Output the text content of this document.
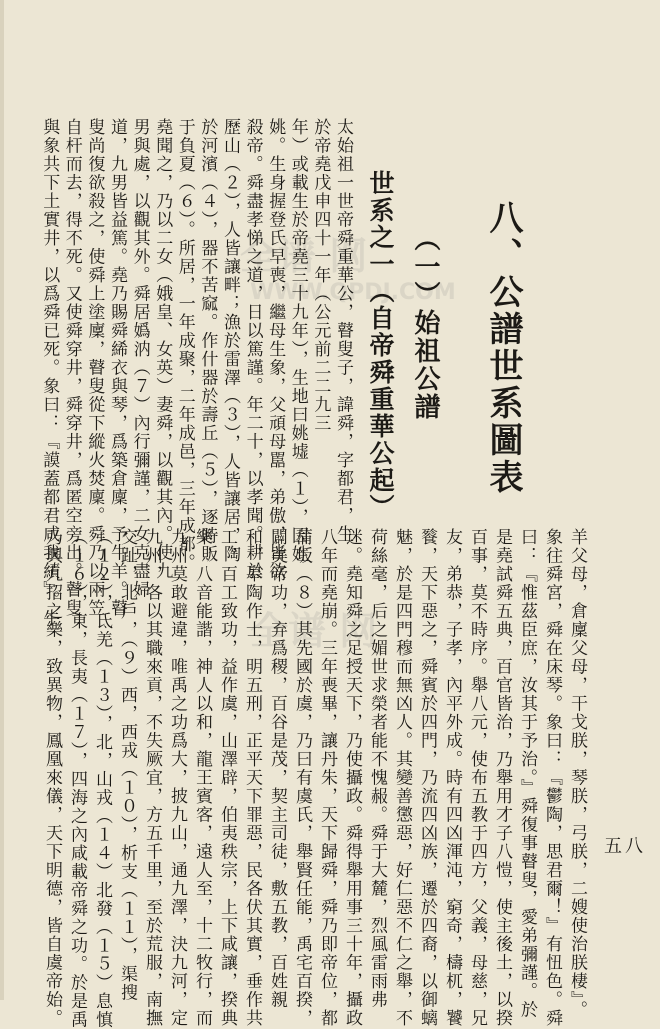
全谱 网
WWW.QPDJ.COM
全谱 网
八、公譜世系圖表
（一）始祖公譜
世系之一（自帝舜重華公起）
五八
太始祖一世帝舜重華公，瞽叟子，諱舜，字都君，生
於帝堯戊申四十一年（公元前二二九三
年）或載生於帝堯三十九年），生地曰姚墟（１），因姓
姚。生身握登氏早喪，繼母生象，父頑母嚚，弟傲，皆欲
殺帝。舜盡孝悌之道，日以篤謹。年二十，以孝聞。耕於
歷山（２），人皆讓畔；漁於雷澤（３），人皆讓居，陶
於河濱（４），器不苦窳。作什器於壽丘（５），逐時販
于負夏（６）。所居，一年成聚，二年成邑，三年成都。
堯聞之，乃以二女（娥皇、女英）妻舜，以觀其內。使九
男與處，以觀其外。舜居嬀汭（７）內行彌謹，二女克盡婦
道，九男皆益篤。堯乃賜舜絺衣與琴，爲築倉廩，予牛羊。瞽
叟尚復欲殺之，使舜上塗廩，瞽叟從下縱火焚廩。舜乃以兩笠
自杆而去，得不死。又使舜穿井，舜穿井，爲匿空旁出。瞽叟
與象共下土實井，以爲舜已死。象曰：『謨蓋都君咸我績』。牛
羊父母，倉廩父母，干戈朕，琴朕，弓朕，二嫂使治朕棲』。
象往舜宮，舜在床琴。象曰：『鬱陶，思君爾！』有忸色。舜
曰：『惟茲臣庶，汝其于予治。』舜復事瞽叟，愛弟彌謹。於
是堯試舜五典，百官皆治，乃舉用才子八愷，使主後土，以揆
百事，莫不時序。舉八元，使布五教于四方，父義，母慈，兄
友，弟恭，子孝，內平外成。時有四凶渾沌，窮奇，檮杌，饕
餮，天下惡之，舜賓於四門，乃流四凶族，遷於四裔，以御螭
魅，於是四門穆而無凶人。其變善懲惡，好仁惡不仁之舉，不
荷絲毫，后之媚世求榮者能不愧赧。舜于大麓，烈風雷雨弗
迷。堯知舜之足授天下，乃使攝政。舜得舉用事三十年，攝政
八年而堯崩。三年喪畢，讓丹朱，天下歸舜，舜乃即帝位，都
蒲坂（８）其先國於虞，乃曰有虞氏，舉賢任能，禹宅百揆，
闢美帝功，弃爲稷，百谷是茂，契主司徒，敷五教，百姓親
和，皋陶作士，明五刑，正平天下罪惡，民各伏其實，垂作共
工，百工致功，益作虞，山澤辟，伯夷秩宗，上下咸讓，揆典
樂，八音能諧，神人以和，龍王賓客，遠人至，十二牧行，而
九州莫敢避違，唯禹之功爲大，披九山，通九澤，決九河，定
九州，各以其職來貢，不失厥宜，方五千里，至於荒服，南撫
交趾，北戶，（９）西，西戎（１０），析支（１１），渠搜
（１２），氐羌（１３），北，山戎（１４）北發（１５）息慎
（１６），東，長夷（１７），四海之內咸載帝舜之功。於是禹
乃興九招之樂，致異物，鳳凰來儀，天下明德，皆自虞帝始。
